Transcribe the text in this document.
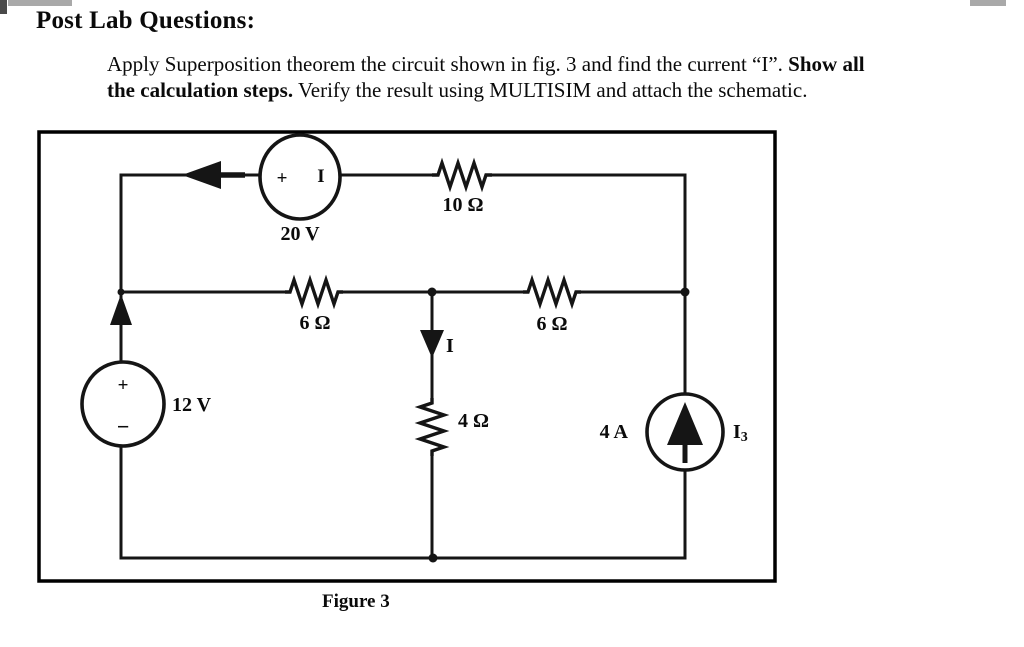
Post Lab Questions:
Apply Superposition theorem the circuit shown in fig. 3 and find the current “I”. Show all
the calculation steps. Verify the result using MULTISIM and attach the schematic.
+ I
20 V
10 Ω
6 Ω	6 Ω
I
4 Ω
+
−
12 V
4 A	I3
Figure 3
